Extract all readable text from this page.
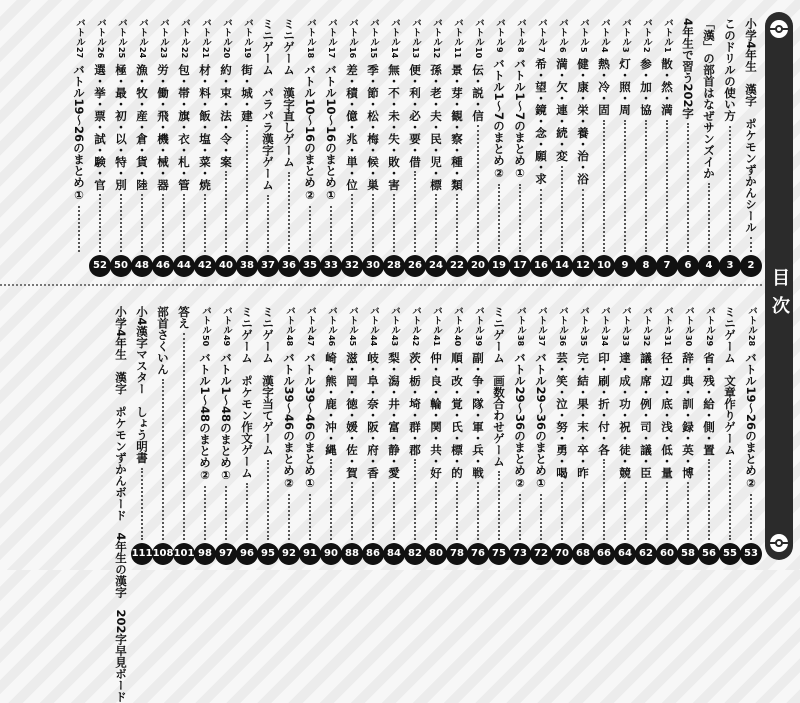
目次
小学4年生　漢字　ポケモンずかんシール
2
このドリルの使い方
3
「漢」の部首はなぜサンズイか
4
4年生で習う202字
6
バトル1散・然・満
7
バトル2参・加・協
8
バトル3灯・照・周
9
バトル4熱・冷・固
10
バトル5健・康・栄・養・治・浴
12
バトル6満・欠・連・続・変
14
バトル7希・望・鏡・念・願・求
16
バトル8バトル1〜7のまとめ①
17
バトル9バトル1〜7のまとめ②
19
バトル10伝・説・信
20
バトル11景・芽・観・察・種・類
22
バトル12孫・老・夫・民・児・標
24
バトル13便・利・必・要・借
26
バトル14無・不・未・失・敗・害
28
バトル15季・節・松・梅・候・巣
30
バトル16差・積・億・兆・単・位
32
バトル17バトル10〜16のまとめ①
33
バトル18バトル10〜16のまとめ②
35
ミニゲーム　漢字直しゲーム
36
ミニゲーム　パラパラ漢字ゲーム
37
バトル19街・城・建
38
バトル20約・束・法・令・案
40
バトル21材・料・飯・塩・菜・焼
42
バトル22包・帯・旗・衣・札・管
44
バトル23労・働・飛・機・械・器
46
バトル24漁・牧・産・倉・貨・陸
48
バトル25極・最・初・以・特・別
50
バトル26選・挙・票・試・験・官
52
バトル27バトル19〜26のまとめ①
バトル28バトル19〜26のまとめ②
53
ミニゲーム　文章作りゲーム
55
バトル29省・残・給・側・置
56
バトル30辞・典・訓・録・英・博
58
バトル31径・辺・底・浅・低・量
60
バトル32議・席・例・司・議・臣
62
バトル33達・成・功・祝・徒・競
64
バトル34印・刷・折・付・各
66
バトル35完・結・果・末・卒・昨
68
バトル36芸・笑・泣・努・勇・喝
70
バトル37バトル29〜36のまとめ①
72
バトル38バトル29〜36のまとめ②
73
ミニゲーム　画数合わせゲーム
75
バトル39副・争・隊・軍・兵・戦
76
バトル40順・改・覚・氏・標・的
78
バトル41仲・良・輪・関・共・好
80
バトル42茨・栃・埼・群・郡
82
バトル43梨・潟・井・富・静・愛
84
バトル44岐・阜・奈・阪・府・香
86
バトル45滋・岡・徳・媛・佐・賀
88
バトル46崎・熊・鹿・沖・縄
90
バトル47バトル39〜46のまとめ①
91
バトル48バトル39〜46のまとめ②
92
ミニゲーム　漢字当てゲーム
95
ミニゲーム　ポケモン作文ゲーム
96
バトル49バトル1〜48のまとめ①
97
バトル50バトル1〜48のまとめ②
98
答え
101
部首さくいん
108
小4漢字マスター　しょう明書
111
小学4年生　漢字　ポケモンずかんボード　4年生の漢字　202字早見ボード
